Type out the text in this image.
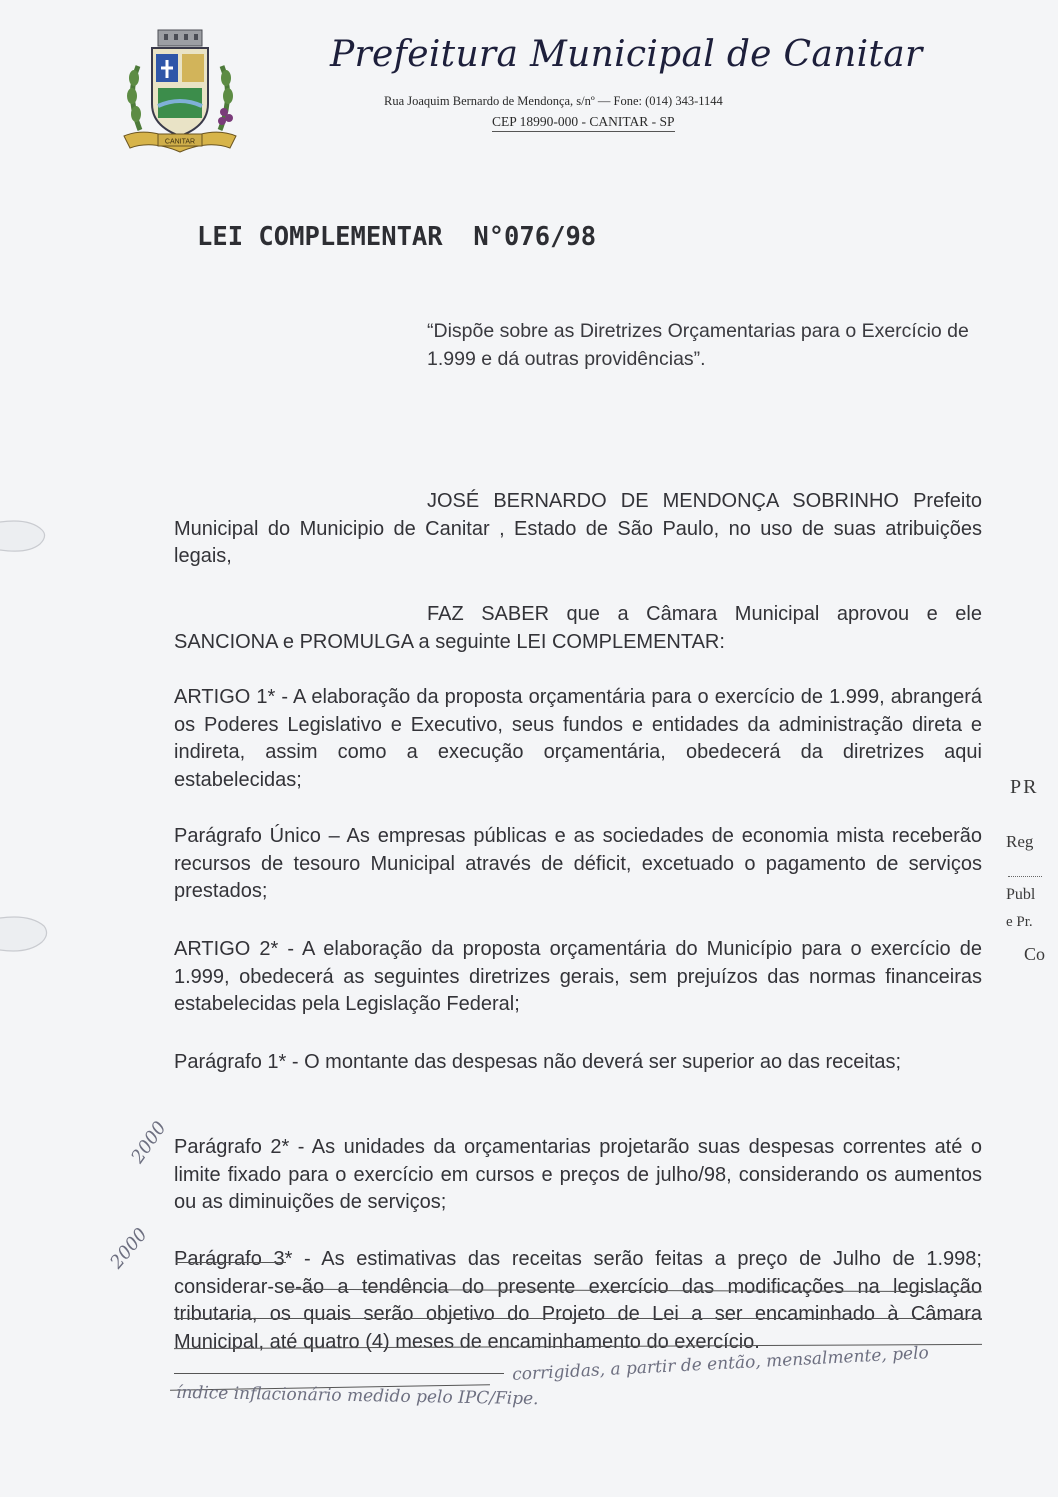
CANITAR
Prefeitura Municipal de Canitar
Rua Joaquim Bernardo de Mendonça, s/nº — Fone: (014) 343-1144
CEP 18990-000 - CANITAR - SP
LEI COMPLEMENTAR  N°076/98
“Dispõe sobre as Diretrizes Orçamentarias para o Exercício de 1.999 e dá outras providências”.
JOSÉ BERNARDO DE MENDONÇA SOBRINHO Prefeito Municipal do Municipio de Canitar , Estado de São Paulo, no uso de suas atribuições legais,
FAZ SABER que a Câmara Municipal aprovou e ele SANCIONA e PROMULGA a seguinte LEI COMPLEMENTAR:
ARTIGO 1* - A elaboração da proposta orçamentária para o exercício de 1.999, abrangerá os Poderes Legislativo e Executivo, seus fundos e entidades da administração direta e indireta, assim como a execução orçamentária, obedecerá da diretrizes aqui estabelecidas;
Parágrafo Único – As empresas públicas e as sociedades de economia mista receberão recursos de tesouro Municipal através de déficit, excetuado o pagamento de serviços prestados;
ARTIGO 2* - A elaboração da proposta orçamentária do Município para o exercício de 1.999, obedecerá as seguintes diretrizes gerais, sem prejuízos das normas financeiras estabelecidas pela Legislação Federal;
Parágrafo 1* - O montante das despesas não deverá ser superior ao das receitas;
Parágrafo 2* - As unidades da orçamentarias projetarão suas despesas correntes até o limite fixado para o exercício em cursos e preços de julho/98, considerando os aumentos ou as diminuições de serviços;
Parágrafo 3* - As estimativas das receitas serão feitas a preço de Julho de 1.998; considerar-se-ão a tendência do presente exercício das modificações na legislação tributaria, os quais serão objetivo do Projeto de Lei a ser encaminhado à Câmara Municipal, até quatro (4) meses de encaminhamento do exercício.
2000
2000
corrigidas, a partir de então, mensalmente, pelo
índice inflacionário medido pelo IPC/Fipe.
PR
Reg
Publ
e Pr.
Co
